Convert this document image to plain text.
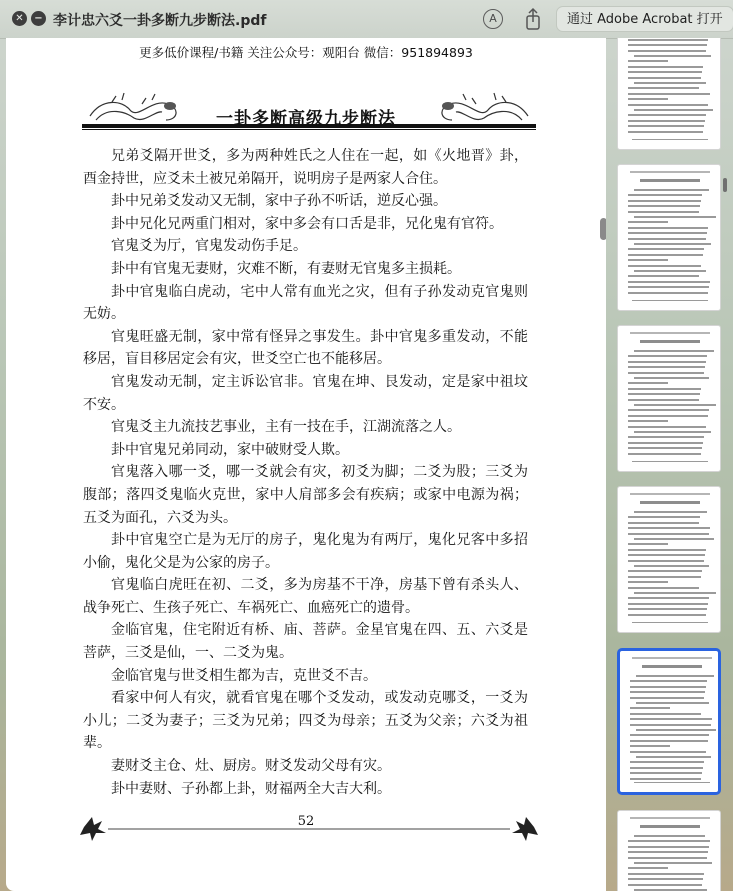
✕	− 李计忠六爻一卦多断九步断法.pdf	A	通过 Adobe Acrobat 打开
更多低价课程/书籍 关注公众号：观阳台 微信：951894893
一卦多断高级九步断法

兄弟爻隔开世爻，多为两种姓氏之人住在一起，如《火地晋》卦，酉金持世，应爻未土被兄弟隔开，说明房子是两家人合住。

卦中兄弟爻发动又无制，家中子孙不听话，逆反心强。

卦中兄化兄两重门相对，家中多会有口舌是非，兄化鬼有官符。

官鬼爻为厅，官鬼发动伤手足。

卦中有官鬼无妻财，灾难不断，有妻财无官鬼多主损耗。

卦中官鬼临白虎动，宅中人常有血光之灾，但有子孙发动克官鬼则无妨。

官鬼旺盛无制，家中常有怪异之事发生。卦中官鬼多重发动，不能移居，盲目移居定会有灾，世爻空亡也不能移居。

官鬼发动无制，定主诉讼官非。官鬼在坤、艮发动，定是家中祖坟不安。

官鬼爻主九流技艺事业，主有一技在手，江湖流落之人。

卦中官鬼兄弟同动，家中破财受人欺。

官鬼落入哪一爻，哪一爻就会有灾，初爻为脚；二爻为股；三爻为腹部；落四爻鬼临火克世，家中人肩部多会有疾病；或家中电源为祸；五爻为面孔，六爻为头。

卦中官鬼空亡是为无厅的房子，鬼化鬼为有两厅，鬼化兄客中多招小偷，鬼化父是为公家的房子。

官鬼临白虎旺在初、二爻，多为房基不干净，房基下曾有杀头人、战争死亡、生孩子死亡、车祸死亡、血癌死亡的遗骨。

金临官鬼，住宅附近有桥、庙、菩萨。金星官鬼在四、五、六爻是菩萨，三爻是仙，一、二爻为鬼。

金临官鬼与世爻相生都为吉，克世爻不吉。

看家中何人有灾，就看官鬼在哪个爻发动，或发动克哪爻，一爻为小儿；二爻为妻子；三爻为兄弟；四爻为母亲；五爻为父亲；六爻为祖辈。

妻财爻主仓、灶、厨房。财爻发动父母有灾。

卦中妻财、子孙都上卦，财福两全大吉大利。

52
